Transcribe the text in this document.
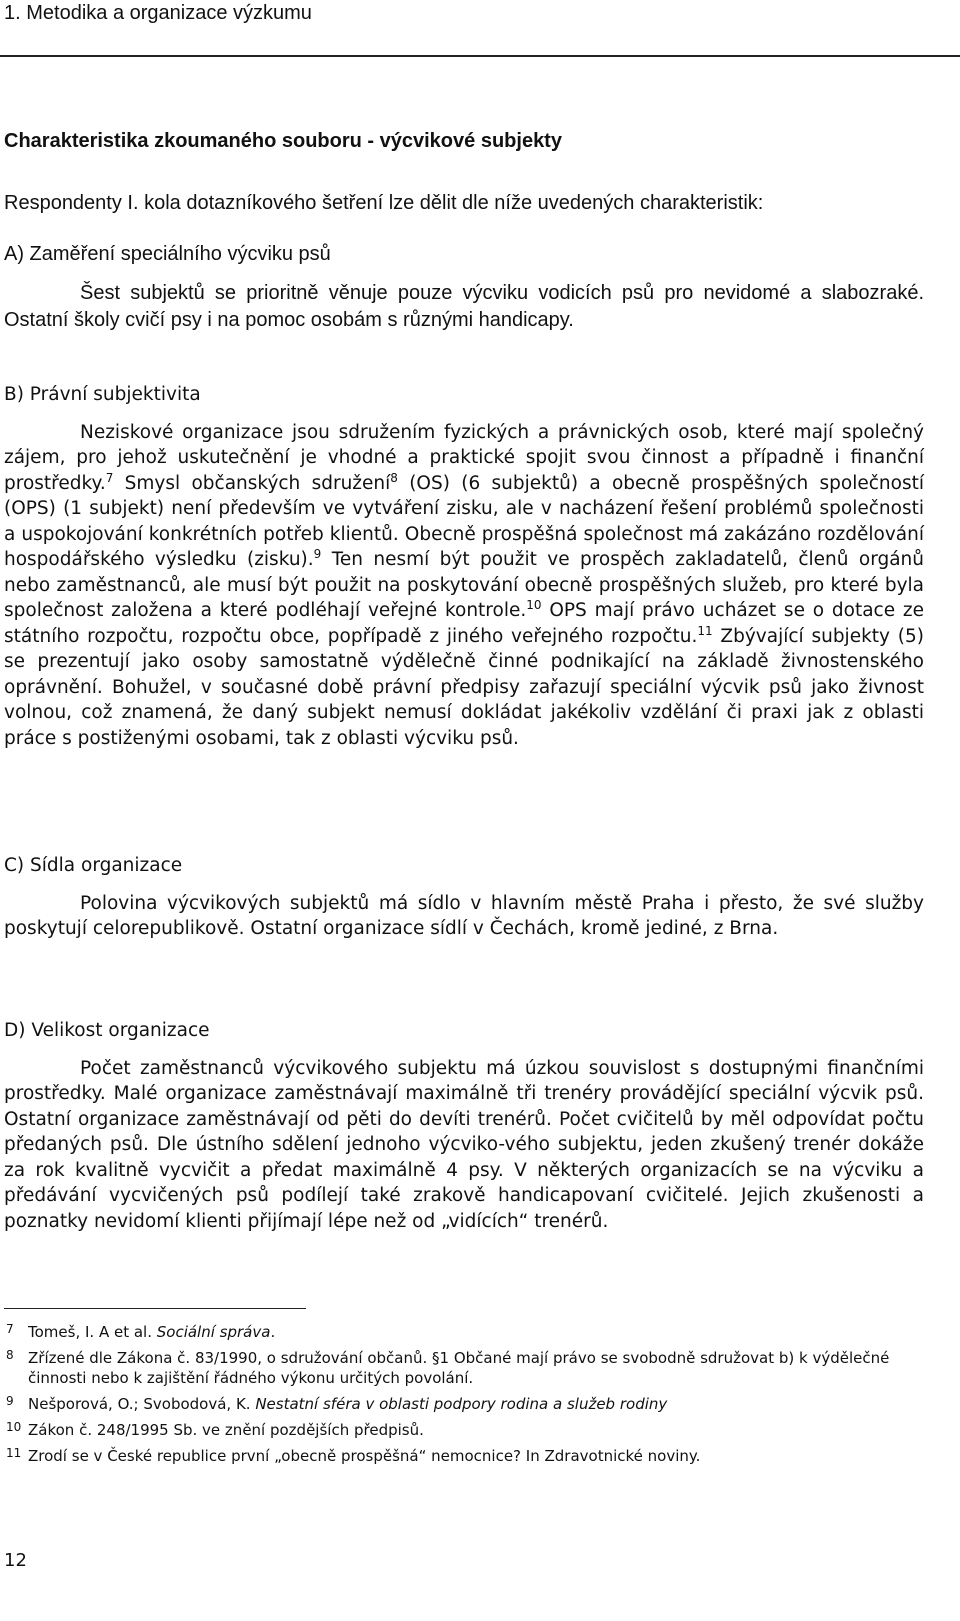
1. Metodika a organizace výzkumu
Charakteristika zkoumaného souboru - výcvikové subjekty
Respondenty I. kola dotazníkového šetření lze dělit dle níže uvedených charakteristik:
A) Zaměření speciálního výcviku psů

Šest subjektů se prioritně věnuje pouze výcviku vodicích psů pro nevidomé a slabozraké. Ostatní školy cvičí psy i na pomoc osobám s různými handicapy.

B) Právní subjektivita

Neziskové organizace jsou sdružením fyzických a právnických osob, které mají společný zájem, pro jehož uskutečnění je vhodné a praktické spojit svou činnost a případně i finanční prostředky.$^7$ Smysl občanských sdružení$^8$ (OS) (6 subjektů) a obecně prospěšných společností (OPS) (1 subjekt) není především ve vytváření zisku, ale v nacházení řešení problémů společnosti a uspokojování konkrétních potřeb klientů. Obecně prospěšná společnost má zakázáno rozdělování hospodářského výsledku (zisku).$^9$ Ten nesmí být použit ve prospěch zakladatelů, členů orgánů nebo zaměstnanců, ale musí být použit na poskytování obecně prospěšných služeb, pro které byla společnost založena a které podléhají veřejné kontrole.$^{10}$ OPS mají právo ucházet se o dotace ze státního rozpočtu, rozpočtu obce, popřípadě z jiného veřejného rozpočtu.$^{11}$ Zbývající subjekty (5) se prezentují jako osoby samostatně výdělečně činné podnikající na základě živnostenského oprávnění. Bohužel, v současné době právní předpisy zařazují speciální výcvik psů jako živnost volnou, což znamená, že daný subjekt nemusí dokládat jakékoliv vzdělání či praxi jak z oblasti práce s postiženými osobami, tak z oblasti výcviku psů.

C) Sídla organizace

Polovina výcvikových subjektů má sídlo v hlavním městě Praha i přesto, že své služby poskytují celorepublikově. Ostatní organizace sídlí v Čechách, kromě jediné, z Brna.

D) Velikost organizace

Počet zaměstnanců výcvikového subjektu má úzkou souvislost s dostupnými finančními prostředky. Malé organizace zaměstnávají maximálně tři trenéry provádějící speciální výcvik psů. Ostatní organizace zaměstnávají od pěti do devíti trenérů. Počet cvičitelů by měl odpovídat počtu předaných psů. Dle ústního sdělení jednoho výcviko-vého subjektu, jeden zkušený trenér dokáže za rok kvalitně vycvičit a předat maximálně 4 psy. V některých organizacích se na výcviku a předávání vycvičených psů podílejí také zrakově handicapovaní cvičitelé. Jejich zkušenosti a poznatky nevidomí klienti přijímají lépe než od „vidících“ trenérů.

7 Tomeš, I. A et al. Sociální správa.
8 Zřízené dle Zákona č. 83/1990, o sdružování občanů. §1 Občané mají právo se svobodně sdružovat b) k výdělečné činnosti nebo k zajištění řádného výkonu určitých povolání.
9 Nešporová, O.; Svobodová, K. Nestatní sféra v oblasti podpory rodina a služeb rodiny
10 Zákon č. 248/1995 Sb. ve znění pozdějších předpisů.
11 Zrodí se v České republice první „obecně prospěšná“ nemocnice? In Zdravotnické noviny.
12
